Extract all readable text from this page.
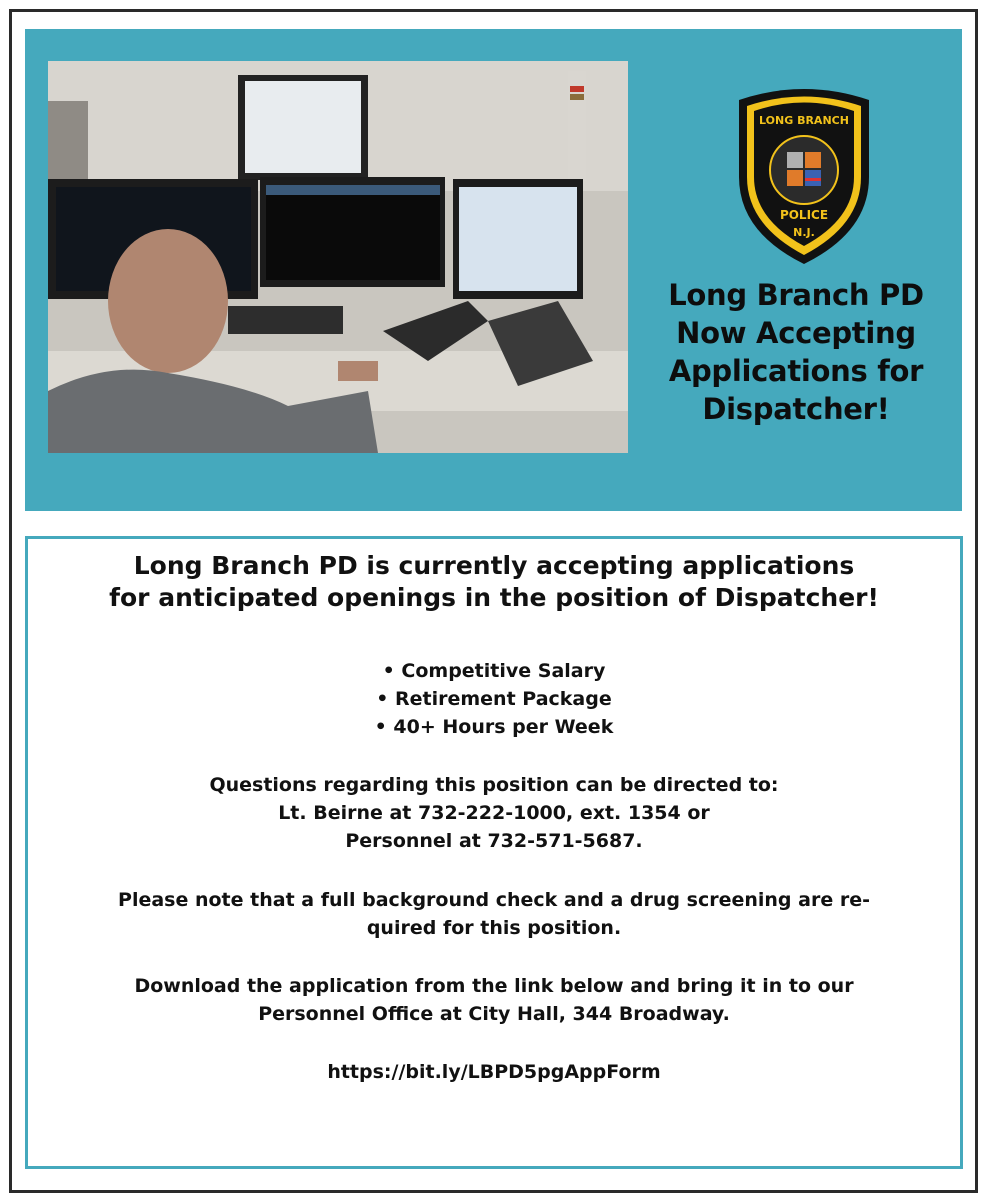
LONG BRANCH
POLICE
N.J.
Long Branch PD
Now Accepting
Applications for
Dispatcher!
Long Branch PD is currently accepting applications
for anticipated openings in the position of Dispatcher!
• Competitive Salary
• Retirement Package
• 40+ Hours per Week
Questions regarding this position can be directed to:
Lt. Beirne at 732-222-1000, ext. 1354 or
Personnel at 732-571-5687.
Please note that a full background check and a drug screening are re-
quired for this position.
Download the application from the link below and bring it in to our
Personnel Office at City Hall, 344 Broadway.
https://bit.ly/LBPD5pgAppForm
